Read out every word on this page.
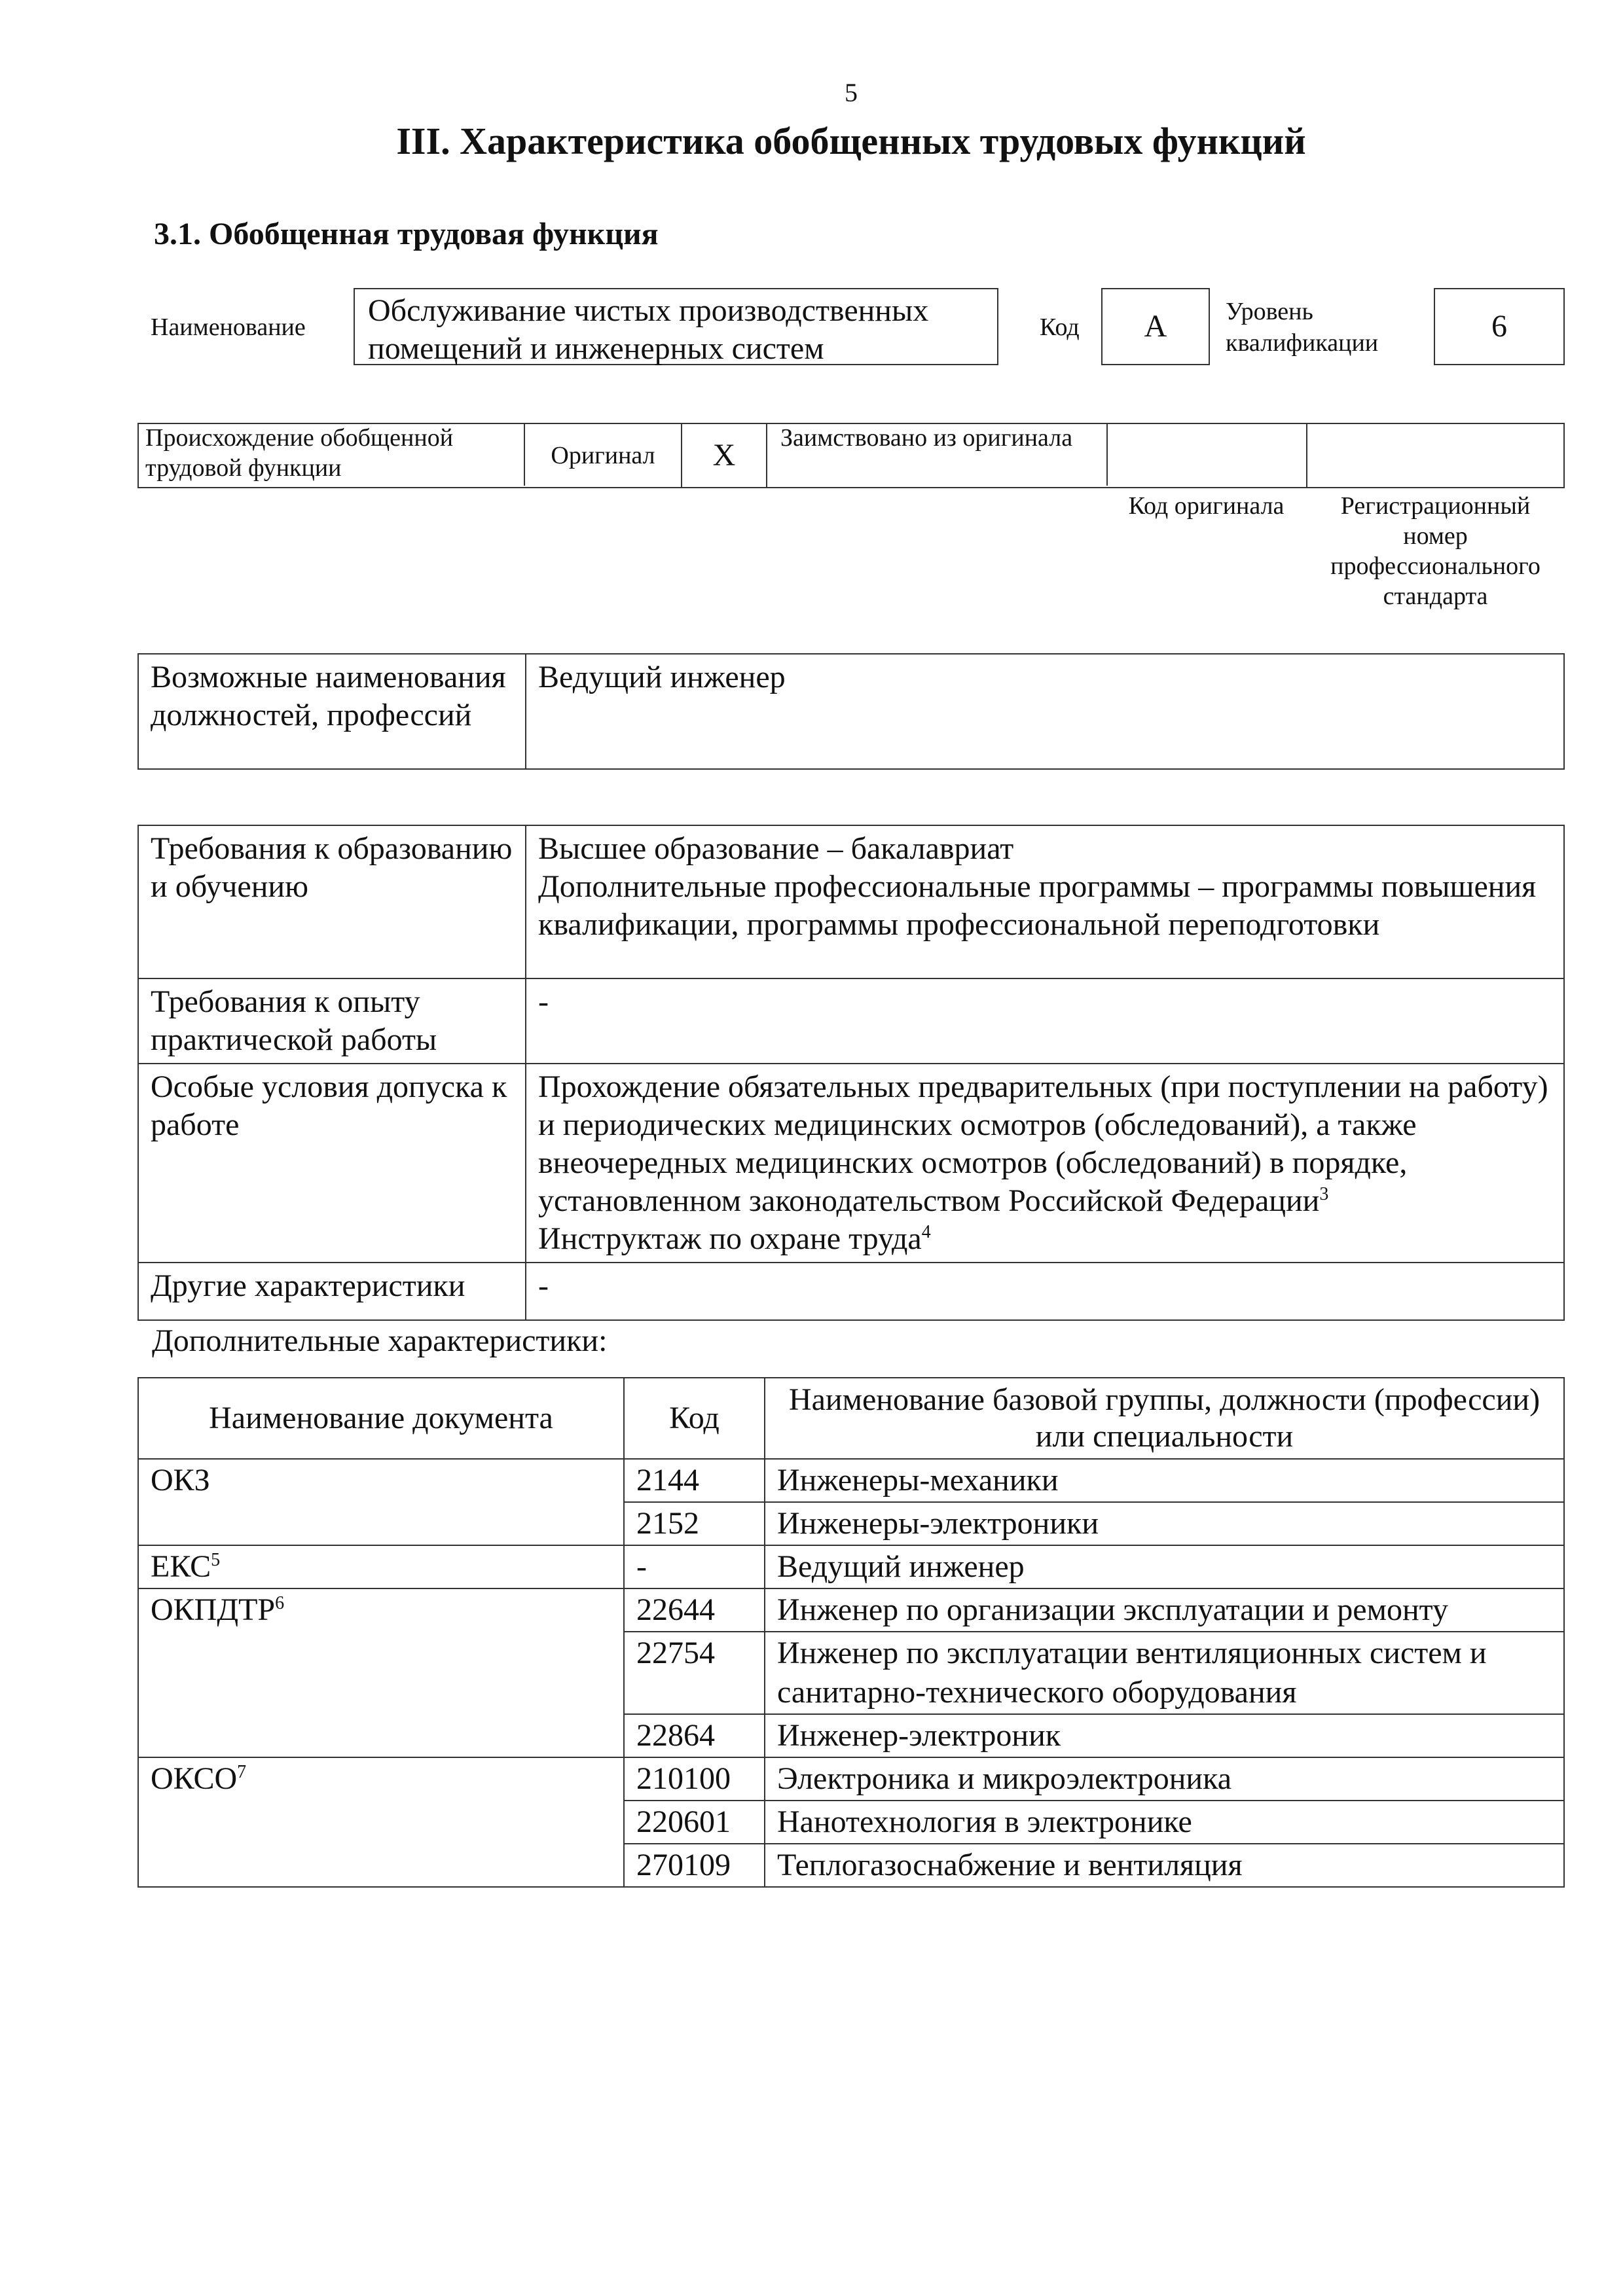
5
III. Характеристика обобщенных трудовых функций
3.1. Обобщенная трудовая функция
Наименование Обслуживание чистых производственных помещений и инженерных систем
Код	А	Уровень квалификации	6
Происхождение обобщенной трудовой функции	Оригинал	X	Заимствовано из оригинала
Код оригинала	Регистрационный номер профессионального стандарта
Возможные наименования должностей, профессий	Ведущий инженер
Требования к образованию и обучению	Высшее образование – бакалавриат
Дополнительные профессиональные программы – программы повышения квалификации, программы профессиональной переподготовки

Требования к опыту практической работы	-
Особые условия допуска к работе	Прохождение обязательных предварительных (при поступлении на работу) и периодических медицинских осмотров (обследований), а также внеочередных медицинских осмотров (обследований) в порядке, установленном законодательством Российской Федерации$^3$
Инструктаж по охране труда$^4$

Другие характеристики	-
Дополнительные характеристики:
Наименование документа	Код	Наименование базовой группы, должности (профессии) или специальности
ОКЗ	2144	Инженеры-механики
	2152	Инженеры-электроники
ЕКС$^5$	-	Ведущий инженер
ОКПДТР$^6$	22644	Инженер по организации эксплуатации и ремонту
	22754	Инженер по эксплуатации вентиляционных систем и санитарно-технического оборудования
	22864	Инженер-электроник
ОКСО$^7$	210100	Электроника и микроэлектроника
	220601	Нанотехнология в электронике
	270109	Теплогазоснабжение и вентиляция
